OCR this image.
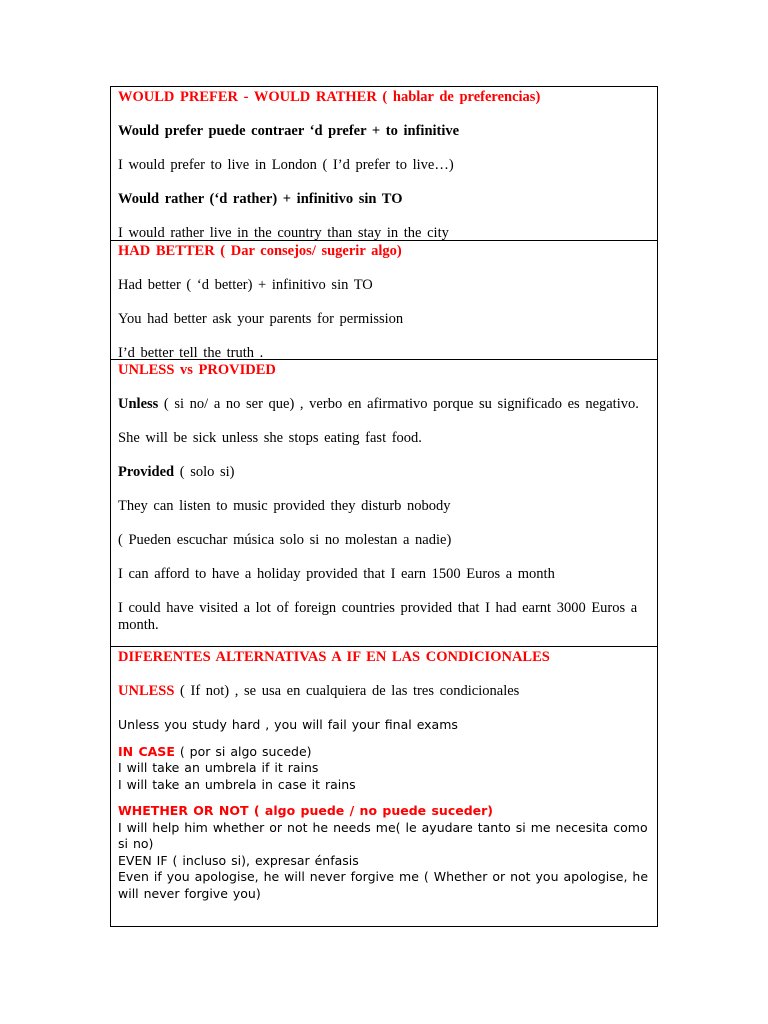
WOULD PREFER - WOULD RATHER ( hablar de preferencias)

Would prefer puede contraer ‘d prefer + to infinitive

I would prefer to live in London ( I’d prefer to live…)

Would rather (‘d rather) + infinitivo sin TO

I would rather live in the country than stay in the city

HAD BETTER ( Dar consejos/ sugerir algo)

Had better ( ‘d better) + infinitivo sin TO

You had better ask your parents for permission

I’d better tell the truth .

UNLESS vs PROVIDED

Unless ( si no/ a no ser que) , verbo en afirmativo porque su significado es negativo.

She will be sick unless she stops eating fast food.

Provided ( solo si)

They can listen to music provided they disturb nobody

( Pueden escuchar música solo si no molestan a nadie)

I can afford to have a holiday provided that I earn 1500 Euros a month

I could have visited a lot of foreign countries provided that I had earnt 3000 Euros a month.

DIFERENTES ALTERNATIVAS A IF EN LAS CONDICIONALES

UNLESS ( If not) , se usa en cualquiera de las tres condicionales

Unless you study hard , you will fail your final exams

IN CASE ( por si algo sucede)

I will take an umbrela if it rains

I will take an umbrela in case it rains

WHETHER OR NOT ( algo puede / no puede suceder)

I will help him whether or not he needs me( le ayudare tanto si me necesita como si no)

EVEN IF ( incluso si), expresar énfasis

Even if you apologise, he will never forgive me ( Whether or not you apologise, he will never forgive you)
